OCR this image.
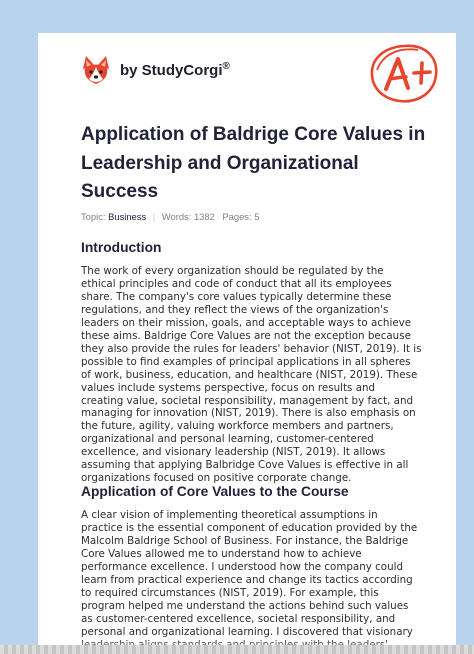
by StudyCorgi®
Application of Baldrige Core Values in Leadership and Organizational Success
Topic: Business | Words: 1382 Pages: 5
Introduction

The work of every organization should be regulated by the
ethical principles and code of conduct that all its employees
share. The company's core values typically determine these
regulations, and they reflect the views of the organization's
leaders on their mission, goals, and acceptable ways to achieve
these aims. Baldrige Core Values are not the exception because
they also provide the rules for leaders' behavior (NIST, 2019). It is
possible to find examples of principal applications in all spheres
of work, business, education, and healthcare (NIST, 2019). These
values include systems perspective, focus on results and
creating value, societal responsibility, management by fact, and
managing for innovation (NIST, 2019). There is also emphasis on
the future, agility, valuing workforce members and partners,
organizational and personal learning, customer-centered
excellence, and visionary leadership (NIST, 2019). It allows
assuming that applying Balbridge Cove Values is effective in all
organizations focused on positive corporate change.

Application of Core Values to the Course

A clear vision of implementing theoretical assumptions in
practice is the essential component of education provided by the
Malcolm Baldrige School of Business. For instance, the Baldrige
Core Values allowed me to understand how to achieve
performance excellence. I understood how the company could
learn from practical experience and change its tactics according
to required circumstances (NIST, 2019). For example, this
program helped me understand the actions behind such values
as customer-centered excellence, societal responsibility, and
personal and organizational learning. I discovered that visionary
